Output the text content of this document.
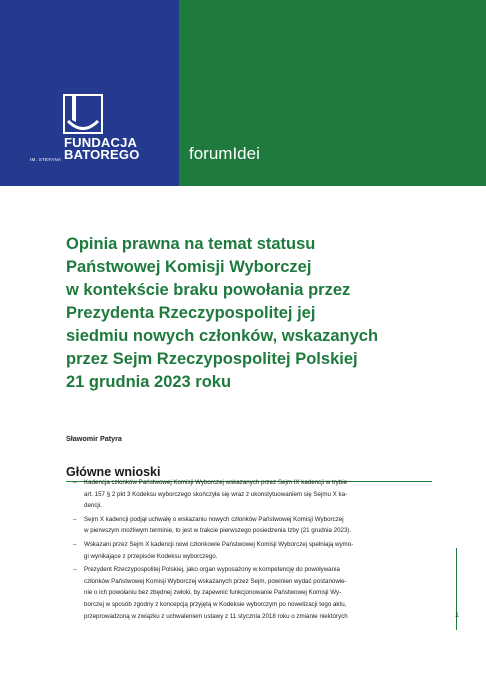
FUNDACJA
BATOREGO
IM. STEFANA	forumIdei
Opinia prawna na temat statusu
Państwowej Komisji Wyborczej
w kontekście braku powołania przez
Prezydenta Rzeczypospolitej jej
siedmiu nowych członków, wskazanych
przez Sejm Rzeczypospolitej Polskiej
21 grudnia 2023 roku
Sławomir Patyra
Główne wnioski
– Kadencja członków Państwowej Komisji Wyborczej wskazanych przez Sejm IX kadencji w trybie
art. 157 § 2 pkt 3 Kodeksu wyborczego skończyła się wraz z ukonstytuowaniem się Sejmu X ka-
dencji.
– Sejm X kadencji podjął uchwałę o wskazaniu nowych członków Państwowej Komisji Wyborczej
w pierwszym możliwym terminie, to jest w trakcie pierwszego posiedzenia Izby (21 grudnia 2023).
– Wskazani przez Sejm X kadencji nowi członkowie Państwowej Komisji Wyborczej spełniają wymo-
gi wynikające z przepisów Kodeksu wyborczego.
– Prezydent Rzeczypospolitej Polskiej, jako organ wyposażony w kompetencję do powoływania
członków Państwowej Komisji Wyborczej wskazanych przez Sejm, powinien wydać postanowie-
nie o ich powołaniu bez zbędnej zwłoki, by zapewnić funkcjonowanie Państwowej Komisji Wy-
borczej w sposób zgodny z koncepcją przyjętą w Kodeksie wyborczym po nowelizacji tego aktu,
przeprowadzoną w związku z uchwaleniem ustawy z 11 stycznia 2018 roku o zmianie niektórych	1
